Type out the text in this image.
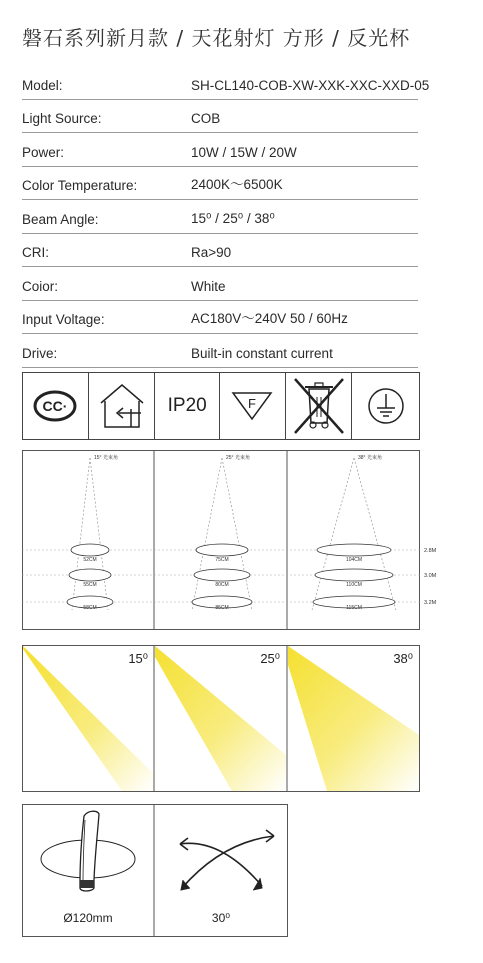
磐石系列新月款 / 天花射灯 方形 / 反光杯
Model:	SH-CL140-COB-XW-XXK-XXC-XXD-05
Light Source:	COB
Power:	10W / 15W / 20W
Color Temperature:	2400K～6500K
Beam Angle:	15⁰ / 25⁰ / 38⁰
CRI:	Ra>90
Coior:	White
Input Voltage:	AC180V～240V 50 / 60Hz
Drive:	Built-in constant current
CC·	IP20	F
15° 光束角
52CM
55CM
58CM
25° 光束角
75CM
80CM
85CM
38° 光束角
104CM
110CM
115CM
2.8M
3.0M
3.2M
15⁰	25⁰	38⁰
Ø120mm	30⁰
